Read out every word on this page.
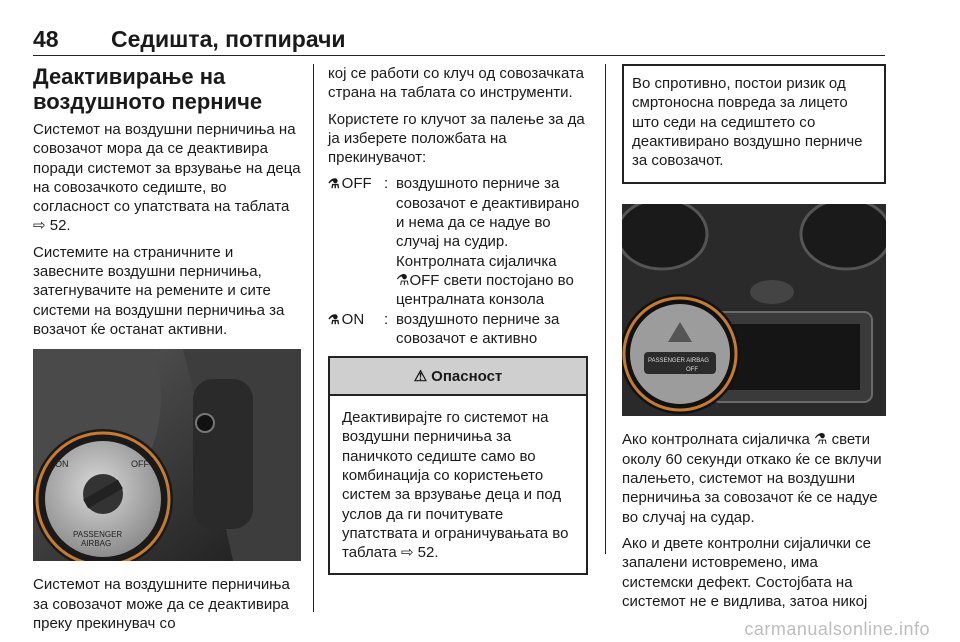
48 Седишта, потпирачи
Деактивирање на воздушното перниче

Системот на воздушни перничиња на совозачот мора да се деактивира поради системот за врзување на деца на совозачкото седиште, во согласност со упатствата на таблата ⇨ 52.

Системите на страничните и завесните воздушни перничиња, затегнувачите на ремените и сите системи на воздушни перничиња за возачот ќе останат активни.

ON	OFF
PASSENGER
AIRBAG
Системот на воздушните перничиња за совозачот може да се деактивира преку прекинувач со

кој се работи со клуч од совозачката страна на таблата со инструменти.

Користете го клучот за палење за да ја изберете положбата на прекинувачот:

⚗ OFF : воздушното перниче за совозачот е деактивирано и нема да се надуе во случај на судир. Контролната сијаличка ⚗OFF свети постојано во централната конзола
⚗ ON : воздушното перниче за совозачот е активно
⚠ Опасност
Деактивирајте го системот на воздушни перничиња за паничкото седиште само во комбинација со користењето систем за врзување деца и под услов да ги почитувате упатствата и ограничувањата во таблата ⇨ 52.
Во спротивно, постои ризик од смртоносна повреда за лицето што седи на седиштето со деактивирано воздушно перниче за совозачот.
PASSENGER AIRBAG
OFF

Ако контролната сијаличка ⚗ свети околу 60 секунди откако ќе се вклучи палењето, системот на воздушни перничиња за совозачот ќе се надуе во случај на судар.

Ако и двете контролни сијалички се запалени истовремено, има системски дефект. Состојбата на системот не е видлива, затоа никој

carmanualsonline.info
